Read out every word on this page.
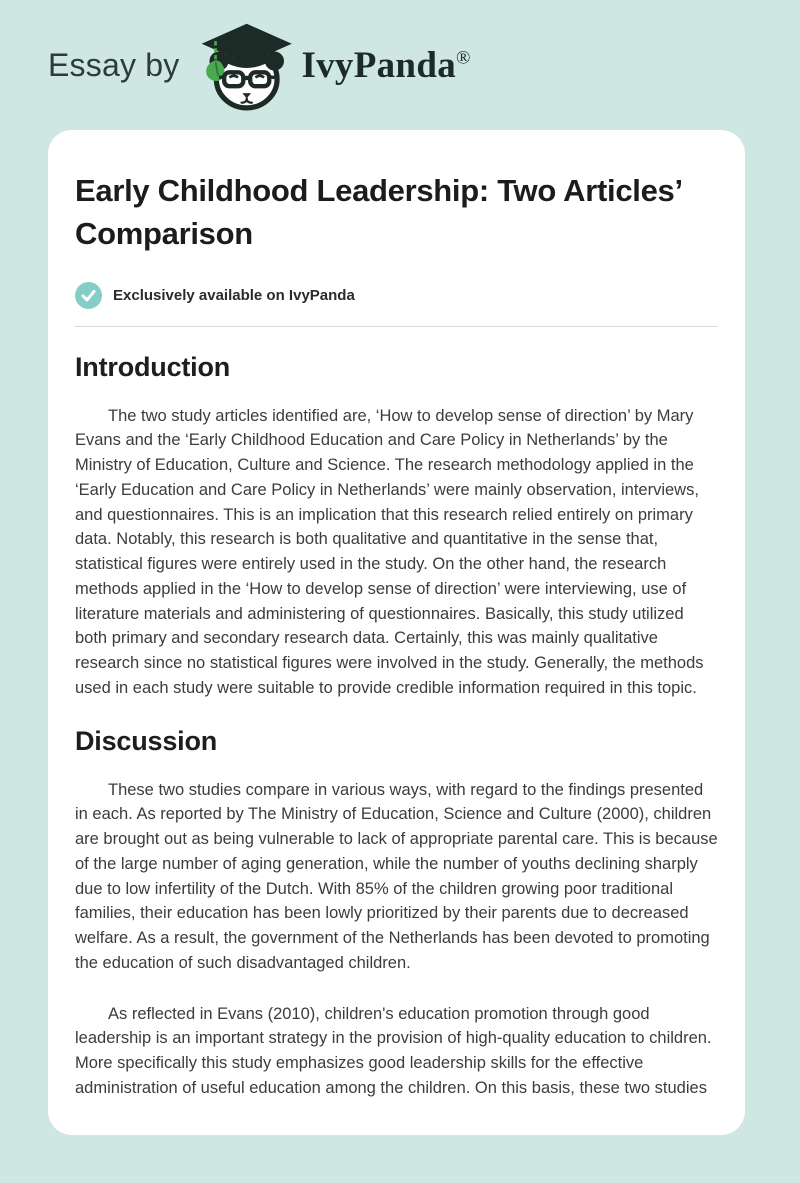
Essay by	IvyPanda®
Early Childhood Leadership: Two Articles’ Comparison
Exclusively available on IvyPanda
Introduction

The two study articles identified are, ‘How to develop sense of direction’ by Mary Evans and the ‘Early Childhood Education and Care Policy in Netherlands’ by the Ministry of Education, Culture and Science. The research methodology applied in the ‘Early Education and Care Policy in Netherlands’ were mainly observation, interviews, and questionnaires. This is an implication that this research relied entirely on primary data. Notably, this research is both qualitative and quantitative in the sense that, statistical figures were entirely used in the study. On the other hand, the research methods applied in the ‘How to develop sense of direction’ were interviewing, use of literature materials and administering of questionnaires. Basically, this study utilized both primary and secondary research data. Certainly, this was mainly qualitative research since no statistical figures were involved in the study. Generally, the methods used in each study were suitable to provide credible information required in this topic.

Discussion

These two studies compare in various ways, with regard to the findings presented in each. As reported by The Ministry of Education, Science and Culture (2000), children are brought out as being vulnerable to lack of appropriate parental care. This is because of the large number of aging generation, while the number of youths declining sharply due to low infertility of the Dutch. With 85% of the children growing poor traditional families, their education has been lowly prioritized by their parents due to decreased welfare. As a result, the government of the Netherlands has been devoted to promoting the education of such disadvantaged children.

As reflected in Evans (2010), children's education promotion through good leadership is an important strategy in the provision of high-quality education to children. More specifically this study emphasizes good leadership skills for the effective administration of useful education among the children. On this basis, these two studies
